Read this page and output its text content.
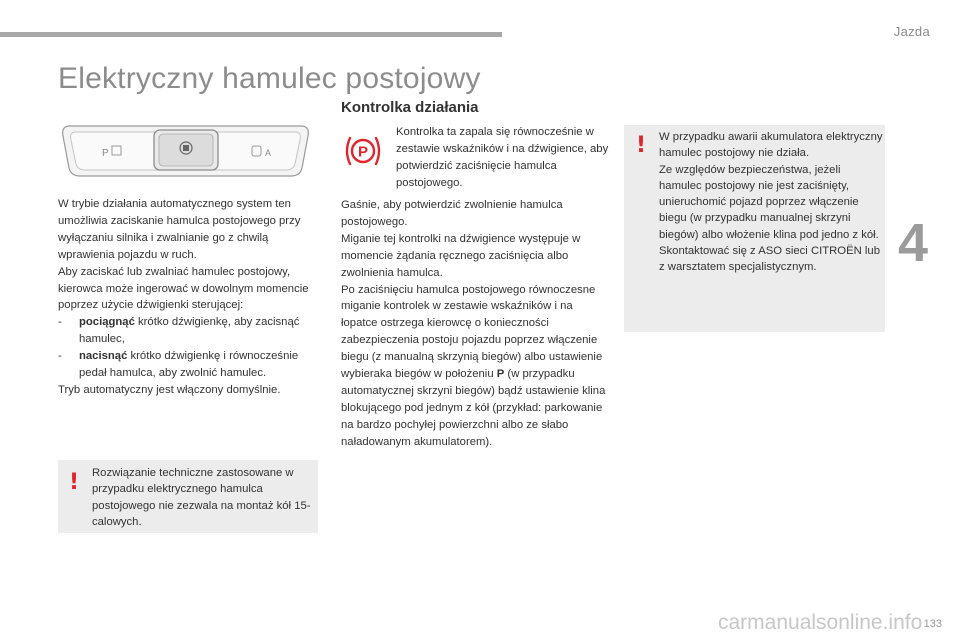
Jazda
4
Elektryczny hamulec postojowy
Kontrolka działania
P	A
W trybie działania automatycznego system ten umożliwia zaciskanie hamulca postojowego przy wyłączaniu silnika i zwalnianie go z chwilą wprawienia pojazdu w ruch.
Aby zaciskać lub zwalniać hamulec postojowy, kierowca może ingerować w dowolnym momencie poprzez użycie dźwigienki sterującej:
- pociągnąć krótko dźwigienkę, aby zacisnąć hamulec,
- nacisnąć krótko dźwigienkę i równocześnie pedał hamulca, aby zwolnić hamulec.
Tryb automatyczny jest włączony domyślnie.
! Rozwiązanie techniczne zastosowane w przypadku elektrycznego hamulca postojowego nie zezwala na montaż kół 15-calowych.
P
Kontrolka ta zapala się równocześnie w zestawie wskaźników i na dźwigience, aby potwierdzić zaciśnięcie hamulca postojowego.
Gaśnie, aby potwierdzić zwolnienie hamulca postojowego.
Miganie tej kontrolki na dźwigience występuje w momencie żądania ręcznego zaciśnięcia albo zwolnienia hamulca.
Po zaciśnięciu hamulca postojowego równoczesne miganie kontrolek w zestawie wskaźników i na łopatce ostrzega kierowcę o konieczności zabezpieczenia postoju pojazdu poprzez włączenie biegu (z manualną skrzynią biegów) albo ustawienie wybieraka biegów w położeniu P (w przypadku automatycznej skrzyni biegów) bądź ustawienie klina blokującego pod jednym z kół (przykład: parkowanie na bardzo pochyłej powierzchni albo ze słabo naładowanym akumulatorem).
! W przypadku awarii akumulatora elektryczny hamulec postojowy nie działa.
Ze względów bezpieczeństwa, jeżeli hamulec postojowy nie jest zaciśnięty, unieruchomić pojazd poprzez włączenie biegu (w przypadku manualnej skrzyni biegów) albo włożenie klina pod jedno z kół.
Skontaktować się z ASO sieci CITROËN lub z warsztatem specjalistycznym.
133
carmanualsonline.info
